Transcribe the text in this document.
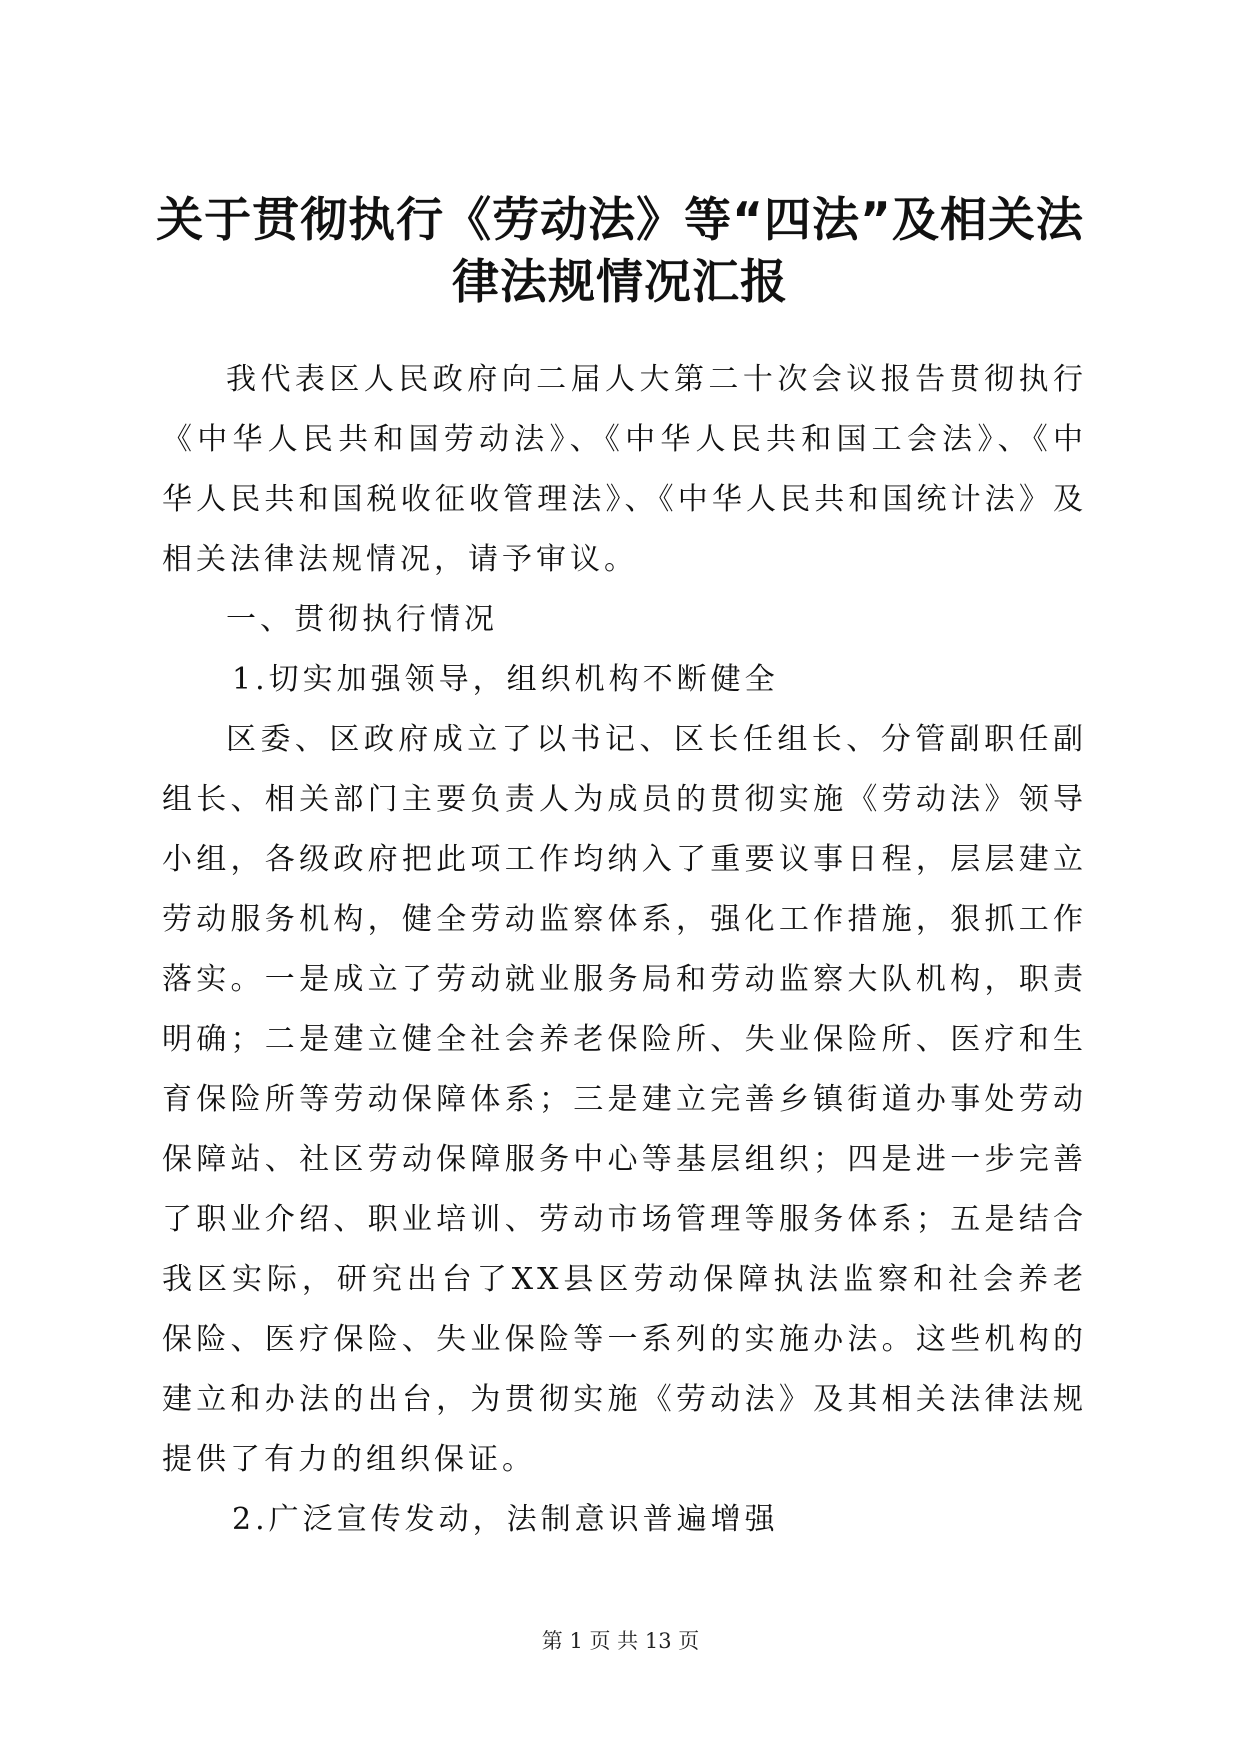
关于贯彻执行《劳动法》等“四法”及相关法
律法规情况汇报

我代表区人民政府向二届人大第二十次会议报告贯彻执行《中华人民共和国劳动法》、《中华人民共和国工会法》、《中华人民共和国税收征收管理法》、《中华人民共和国统计法》及相关法律法规情况，请予审议。

一、贯彻执行情况

1.切实加强领导，组织机构不断健全

区委、区政府成立了以书记、区长任组长、分管副职任副组长、相关部门主要负责人为成员的贯彻实施《劳动法》领导小组，各级政府把此项工作均纳入了重要议事日程，层层建立劳动服务机构，健全劳动监察体系，强化工作措施，狠抓工作落实。一是成立了劳动就业服务局和劳动监察大队机构，职责明确；二是建立健全社会养老保险所、失业保险所、医疗和生育保险所等劳动保障体系；三是建立完善乡镇街道办事处劳动保障站、社区劳动保障服务中心等基层组织；四是进一步完善了职业介绍、职业培训、劳动市场管理等服务体系；五是结合我区实际，研究出台了XX县区劳动保障执法监察和社会养老保险、医疗保险、失业保险等一系列的实施办法。这些机构的建立和办法的出台，为贯彻实施《劳动法》及其相关法律法规提供了有力的组织保证。

2.广泛宣传发动，法制意识普遍增强

第 1 页 共 13 页
